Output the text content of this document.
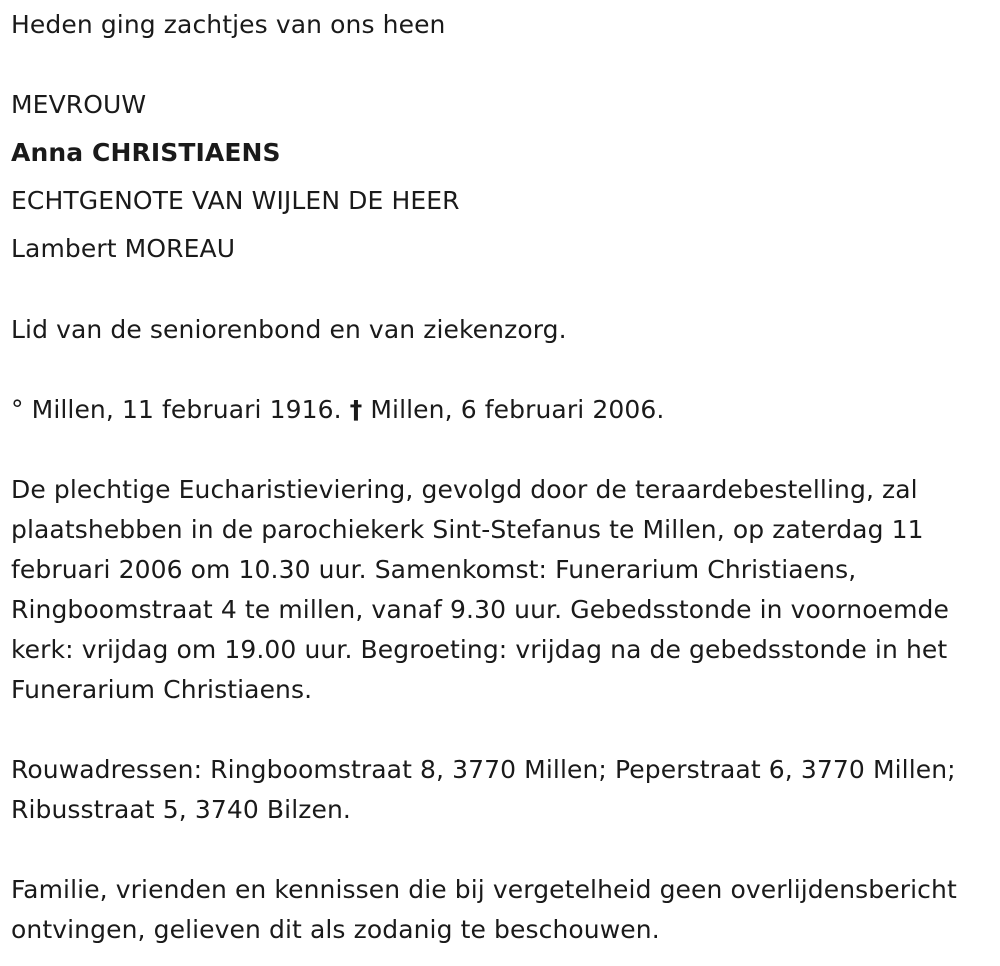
Heden ging zachtjes van ons heen
MEVROUW
Anna CHRISTIAENS
ECHTGENOTE VAN WIJLEN DE HEER
Lambert MOREAU
Lid van de seniorenbond en van ziekenzorg.
° Millen, 11 februari 1916. † Millen, 6 februari 2006.
De plechtige Eucharistieviering, gevolgd door de teraardebestelling, zal plaatshebben in de parochiekerk Sint-Stefanus te Millen, op zaterdag 11 februari 2006 om 10.30 uur. Samenkomst: Funerarium Christiaens, Ringboomstraat 4 te millen, vanaf 9.30 uur. Gebedsstonde in voornoemde kerk: vrijdag om 19.00 uur. Begroeting: vrijdag na de gebedsstonde in het Funerarium Christiaens.
Rouwadressen: Ringboomstraat 8, 3770 Millen; Peperstraat 6, 3770 Millen; Ribusstraat 5, 3740 Bilzen.
Familie, vrienden en kennissen die bij vergetelheid geen overlijdensbericht ontvingen, gelieven dit als zodanig te beschouwen.
